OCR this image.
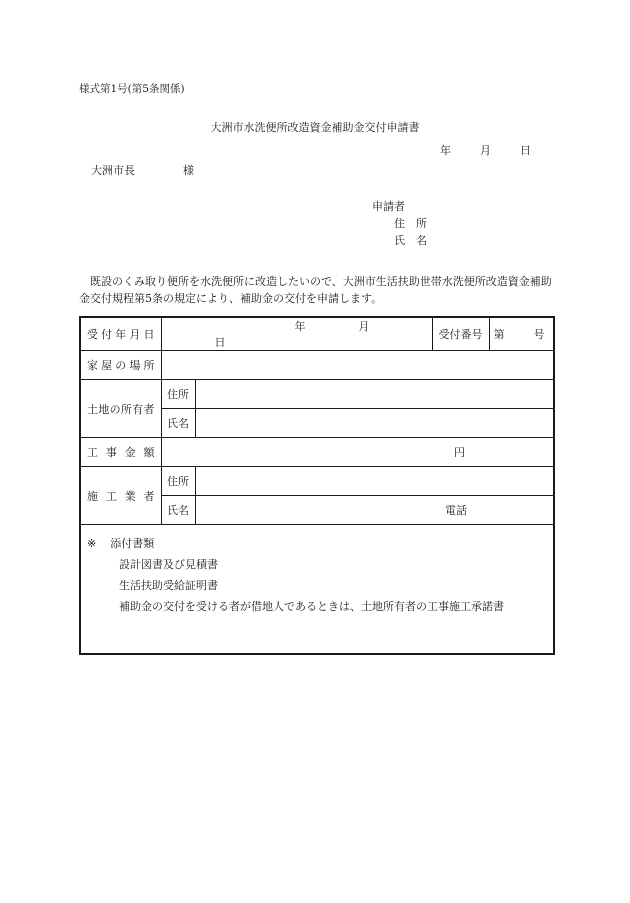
様式第1号(第5条関係)
大洲市水洗便所改造資金補助金交付申請書
年	月	日
大洲市長	様
申請者
住　所
氏　名
　既設のくみ取り便所を水洗便所に改造したいので、大洲市生活扶助世帯水洗便所改造資金補助金交付規程第5条の規定により、補助金の交付を申請します。
受付年月日	年 月日		受付番号	第 号
家屋の場所				
土地の所有者	住所			
	氏名			
工事金額	円			
施工業者	住所			
	氏名	電話		

※ 添付書類
設計図書及び見積書
生活扶助受給証明書
補助金の交付を受ける者が借地人であるときは、土地所有者の工事施工承諾書				
